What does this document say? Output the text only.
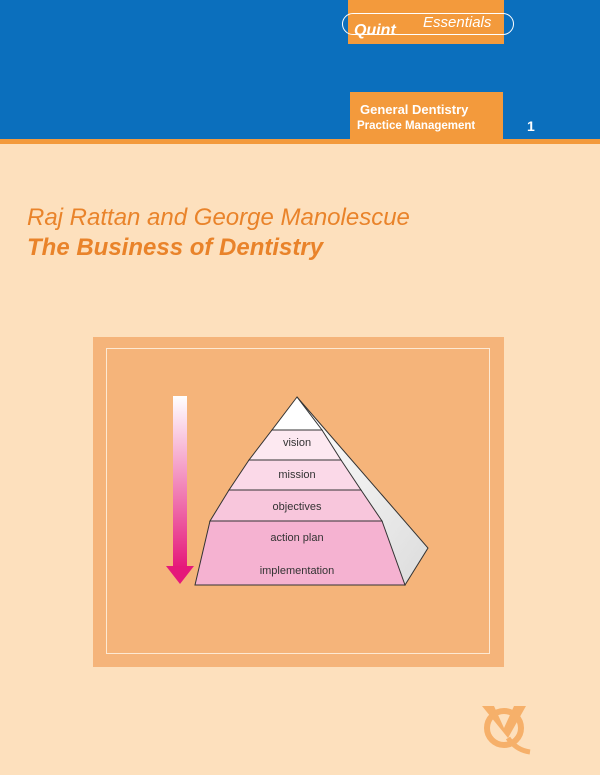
Quint Essentials
General Dentistry
Practice Management	1
Raj Rattan and George Manolescue
The Business of Dentistry
vision
mission
objectives
action plan
implementation
